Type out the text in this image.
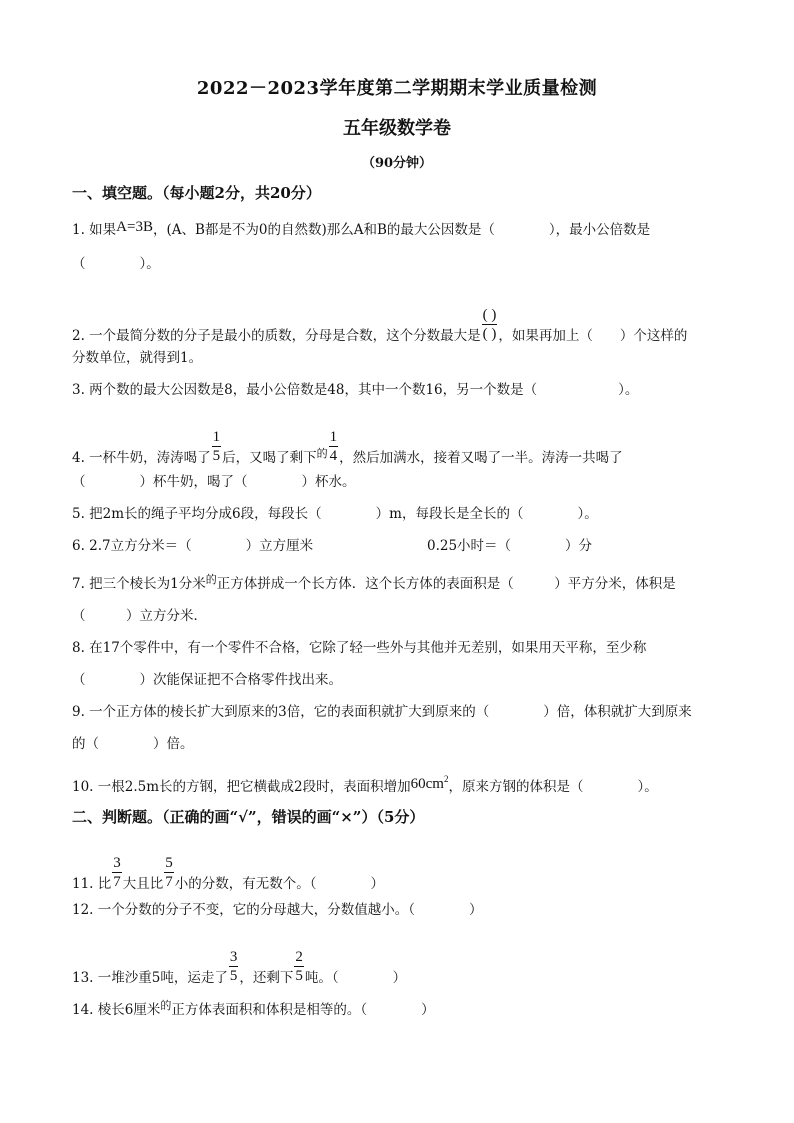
2022－2023学年度第二学期期末学业质量检测
五年级数学卷
（90分钟）
一、填空题。（每小题2分，共20分）
1. 如果A=3B，(A、B都是不为0的自然数)那么A和B的最大公因数是（　　　　），最小公倍数是
（　　　　）。
2. 一个最简分数的分子是最小的质数，分母是合数，这个分数最大是 $\frac{( )}{( )}$ ，如果再加上（　　）个这样的
分数单位，就得到1。
3. 两个数的最大公因数是8，最小公倍数是48，其中一个数16，另一个数是（　　　　　　）。
4. 一杯牛奶，涛涛喝了 $\frac{1}{5}$ 后，又喝了剩下$^的 \frac{1}{4}$ ，然后加满水，接着又喝了一半。涛涛一共喝了
（　　　　）杯牛奶，喝了（　　　　）杯水。
5. 把2m长的绳子平均分成6段，每段长（　　　　）m，每段长是全长的（　　　　）。
6. 2.7立方分米＝（　　　　）立方厘米	0.25小时＝（　　　　）分
7. 把三个棱长为1分米$^的$正方体拼成一个长方体．这个长方体的表面积是（　　　）平方分米，体积是
（　　　）立方分米．
8. 在17个零件中，有一个零件不合格，它除了轻一些外与其他并无差别，如果用天平称，至少称
（　　　　）次能保证把不合格零件找出来。
9. 一个正方体的棱长扩大到原来的3倍，它的表面积就扩大到原来的（　　　　）倍，体积就扩大到原来
的（　　　　）倍。
10. 一根2.5m长的方钢，把它横截成2段时，表面积增加$60cm^2$，原来方钢的体积是（　　　　）。
二、判断题。（正确的画“√”，错误的画“×”）（5分）
11. 比 $\frac{3}{7}$ 大且比 $\frac{5}{7}$ 小的分数，有无数个。（　　　　）
12. 一个分数的分子不变，它的分母越大，分数值越小。（　　　　）
13. 一堆沙重5吨，运走了 $\frac{3}{5}$ ，还剩下 $\frac{2}{5}$ 吨。（　　　　）
14. 棱长6厘米$^的$正方体表面积和体积是相等的。（　　　　）
